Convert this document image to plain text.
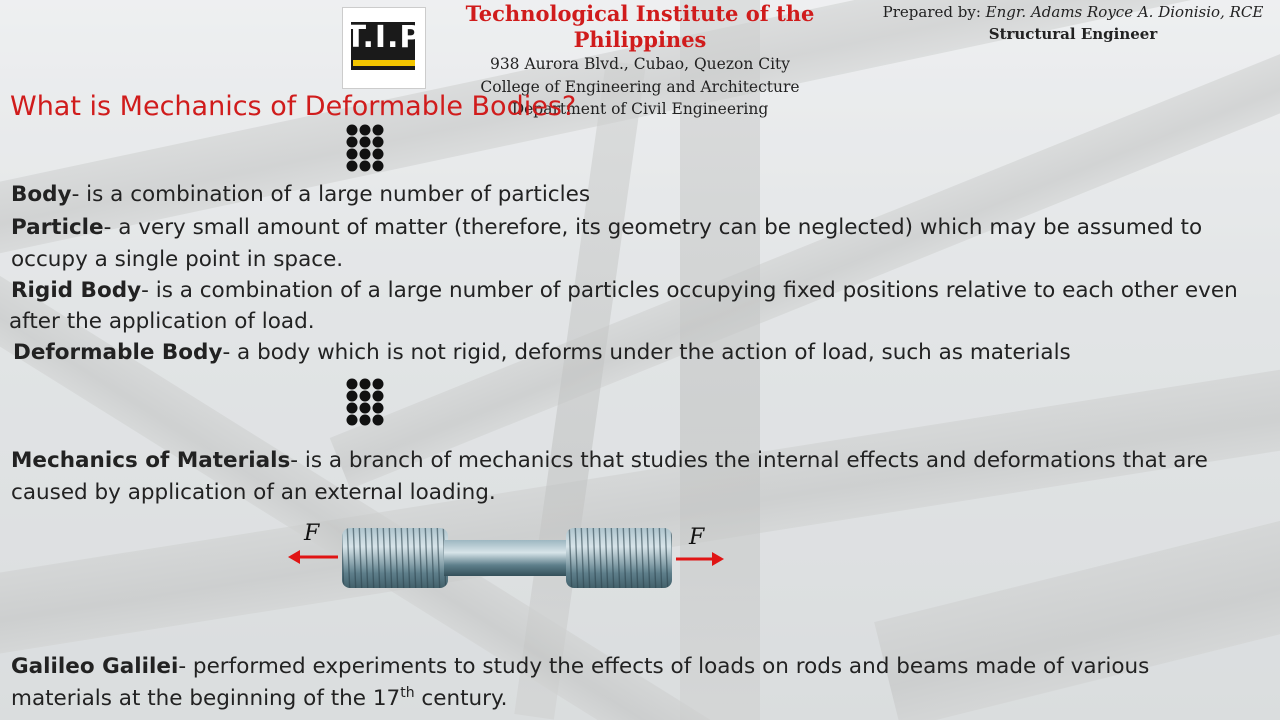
T.I.P
Technological Institute of the Philippines
938 Aurora Blvd., Cubao, Quezon City
College of Engineering and Architecture
Department of Civil Engineering
Prepared by: Engr. Adams Royce A. Dionisio, RCE
Structural Engineer
What is Mechanics of Deformable Bodies?
Body- is a combination of a large number of particles
Particle- a very small amount of matter (therefore, its geometry can be neglected) which may be assumed to
occupy a single point in space.
Rigid Body- is a combination of a large number of particles occupying fixed positions relative to each other even
after the application of load.
Deformable Body- a body which is not rigid, deforms under the action of load, such as materials
Mechanics of Materials- is a branch of mechanics that studies the internal effects and deformations that are
caused by application of an external loading.
F	F
Galileo Galilei- performed experiments to study the effects of loads on rods and beams made of various
materials at the beginning of the 17th century.
